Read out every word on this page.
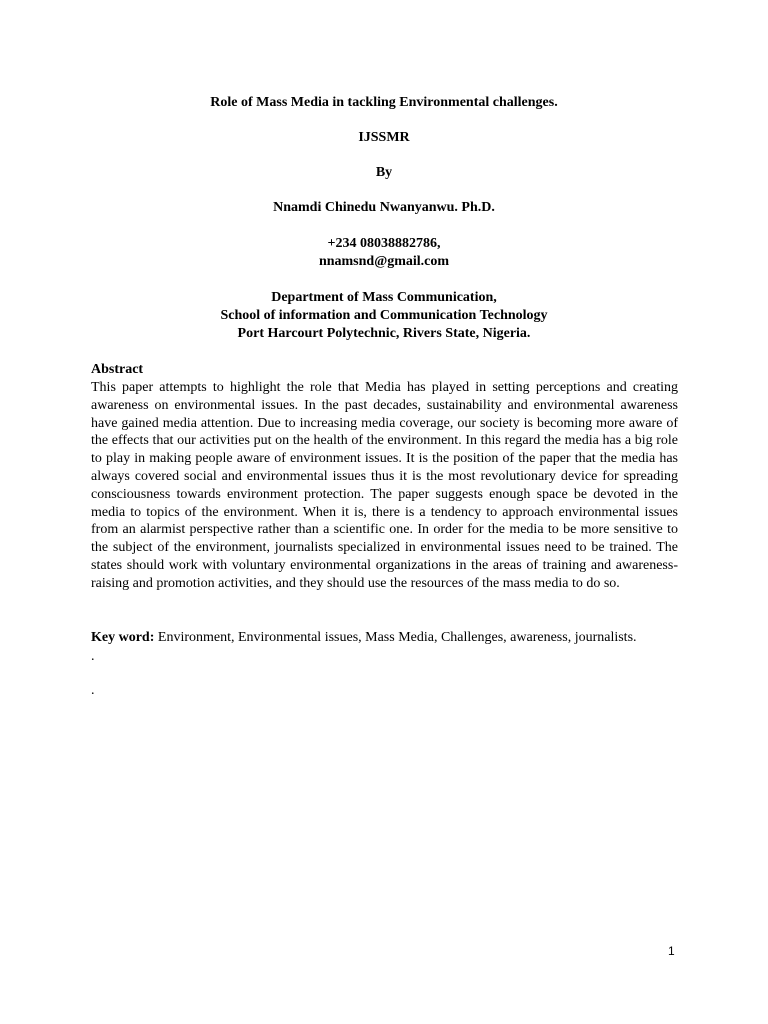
Role of Mass Media in tackling Environmental challenges.
IJSSMR
By
Nnamdi Chinedu Nwanyanwu. Ph.D.
+234 08038882786,
nnamsnd@gmail.com
Department of Mass Communication,
School of information and Communication Technology
Port Harcourt Polytechnic, Rivers State, Nigeria.
Abstract
This paper attempts to highlight the role that Media has played in setting perceptions and creating awareness on environmental issues. In the past decades, sustainability and environmental awareness have gained media attention. Due to increasing media coverage, our society is becoming more aware of the effects that our activities put on the health of the environment. In this regard the media has a big role to play in making people aware of environment issues. It is the position of the paper that the media has always covered social and environmental issues thus it is the most revolutionary device for spreading consciousness towards environment protection. The paper suggests enough space be devoted in the media to topics of the environment. When it is, there is a tendency to approach environmental issues from an alarmist perspective rather than a scientific one. In order for the media to be more sensitive to the subject of the environment, journalists specialized in environmental issues need to be trained. The states should work with voluntary environmental organizations in the areas of training and awareness-raising and promotion activities, and they should use the resources of the mass media to do so.
Key word: Environment, Environmental issues, Mass Media, Challenges, awareness, journalists.
.
.
1
